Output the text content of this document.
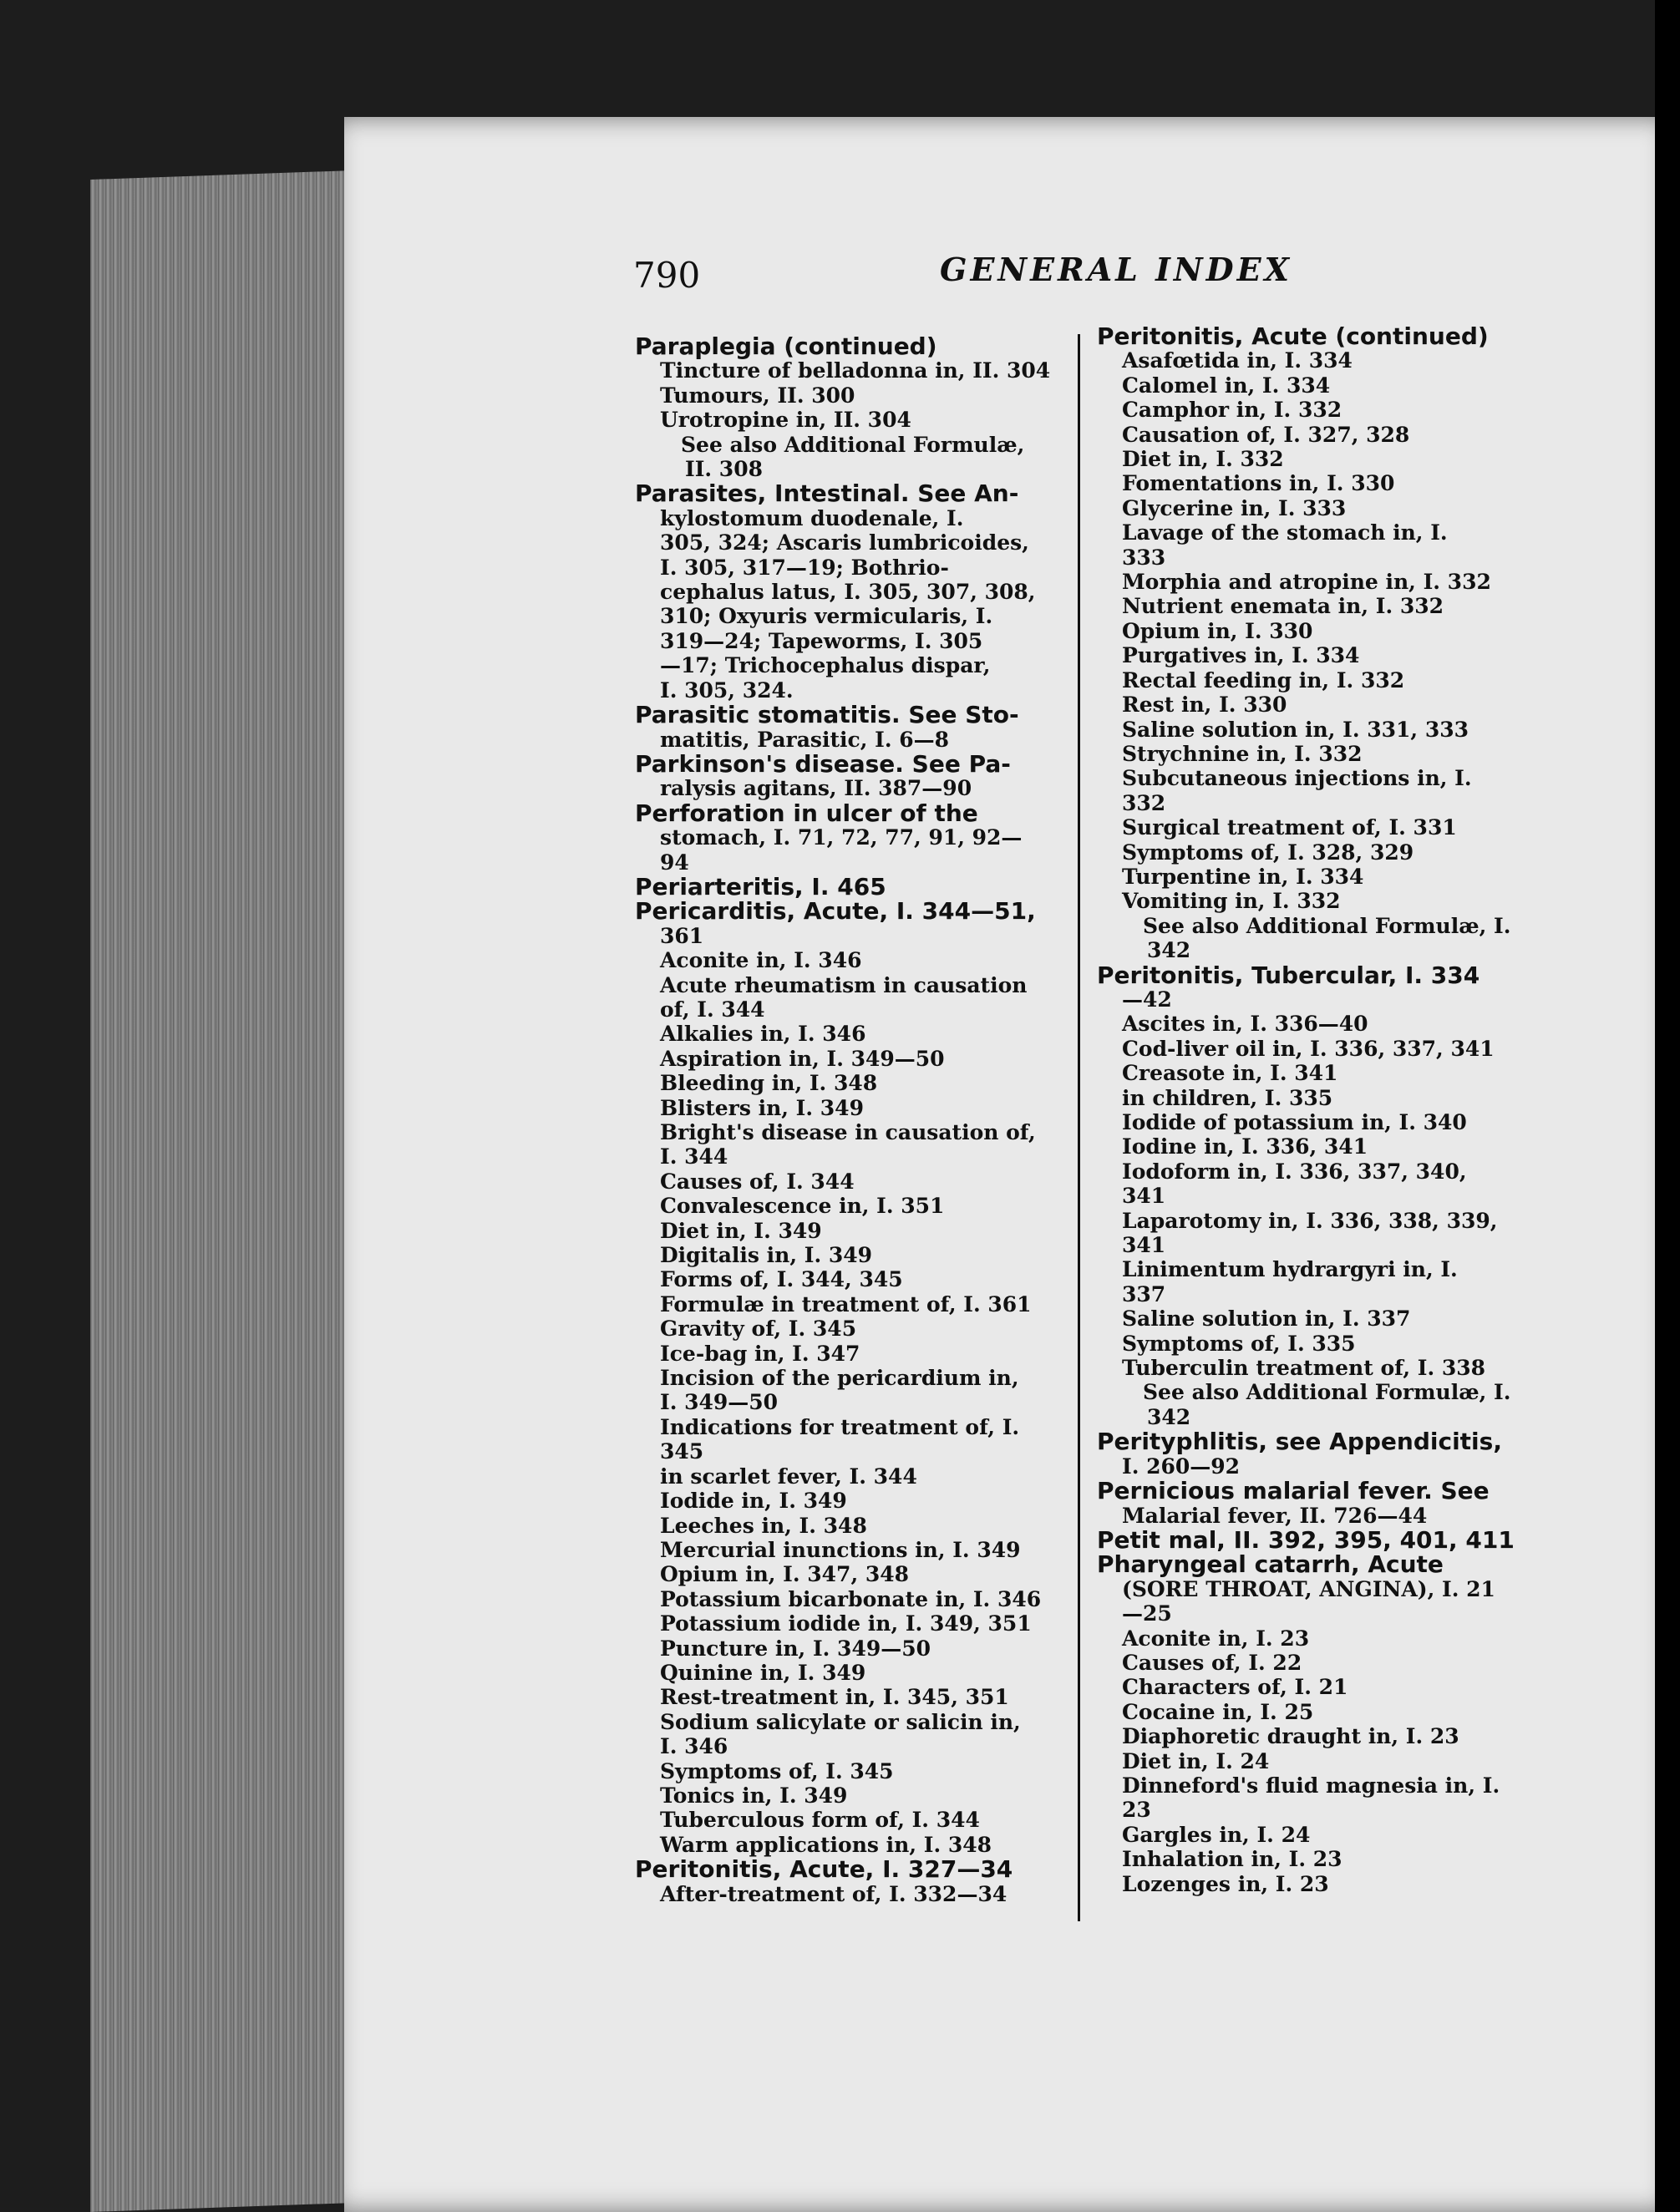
790	GENERAL INDEX
Paraplegia (continued)
Tincture of belladonna in, II. 304
Tumours, II. 300
Urotropine in, II. 304
See also Additional Formulæ,
II. 308
Parasites, Intestinal. See An-
kylostomum duodenale, I.
305, 324; Ascaris lumbricoides,
I. 305, 317—19; Bothrio-
cephalus latus, I. 305, 307, 308,
310; Oxyuris vermicularis, I.
319—24; Tapeworms, I. 305
—17; Trichocephalus dispar,
I. 305, 324.
Parasitic stomatitis. See Sto-
matitis, Parasitic, I. 6—8
Parkinson's disease. See Pa-
ralysis agitans, II. 387—90
Perforation in ulcer of the
stomach, I. 71, 72, 77, 91, 92—
94
Periarteritis, I. 465
Pericarditis, Acute, I. 344—51,
361
Aconite in, I. 346
Acute rheumatism in causation
of, I. 344
Alkalies in, I. 346
Aspiration in, I. 349—50
Bleeding in, I. 348
Blisters in, I. 349
Bright's disease in causation of,
I. 344
Causes of, I. 344
Convalescence in, I. 351
Diet in, I. 349
Digitalis in, I. 349
Forms of, I. 344, 345
Formulæ in treatment of, I. 361
Gravity of, I. 345
Ice-bag in, I. 347
Incision of the pericardium in,
I. 349—50
Indications for treatment of, I.
345
in scarlet fever, I. 344
Iodide in, I. 349
Leeches in, I. 348
Mercurial inunctions in, I. 349
Opium in, I. 347, 348
Potassium bicarbonate in, I. 346
Potassium iodide in, I. 349, 351
Puncture in, I. 349—50
Quinine in, I. 349
Rest-treatment in, I. 345, 351
Sodium salicylate or salicin in,
I. 346
Symptoms of, I. 345
Tonics in, I. 349
Tuberculous form of, I. 344
Warm applications in, I. 348
Peritonitis, Acute, I. 327—34
After-treatment of, I. 332—34
Peritonitis, Acute (continued)
Asafœtida in, I. 334
Calomel in, I. 334
Camphor in, I. 332
Causation of, I. 327, 328
Diet in, I. 332
Fomentations in, I. 330
Glycerine in, I. 333
Lavage of the stomach in, I.
333
Morphia and atropine in, I. 332
Nutrient enemata in, I. 332
Opium in, I. 330
Purgatives in, I. 334
Rectal feeding in, I. 332
Rest in, I. 330
Saline solution in, I. 331, 333
Strychnine in, I. 332
Subcutaneous injections in, I.
332
Surgical treatment of, I. 331
Symptoms of, I. 328, 329
Turpentine in, I. 334
Vomiting in, I. 332
See also Additional Formulæ, I.
342
Peritonitis, Tubercular, I. 334
—42
Ascites in, I. 336—40
Cod-liver oil in, I. 336, 337, 341
Creasote in, I. 341
in children, I. 335
Iodide of potassium in, I. 340
Iodine in, I. 336, 341
Iodoform in, I. 336, 337, 340,
341
Laparotomy in, I. 336, 338, 339,
341
Linimentum hydrargyri in, I.
337
Saline solution in, I. 337
Symptoms of, I. 335
Tuberculin treatment of, I. 338
See also Additional Formulæ, I.
342
Perityphlitis, see Appendicitis,
I. 260—92
Pernicious malarial fever. See
Malarial fever, II. 726—44
Petit mal, II. 392, 395, 401, 411
Pharyngeal catarrh, Acute
(SORE THROAT, ANGINA), I. 21
—25
Aconite in, I. 23
Causes of, I. 22
Characters of, I. 21
Cocaine in, I. 25
Diaphoretic draught in, I. 23
Diet in, I. 24
Dinneford's fluid magnesia in, I.
23
Gargles in, I. 24
Inhalation in, I. 23
Lozenges in, I. 23
